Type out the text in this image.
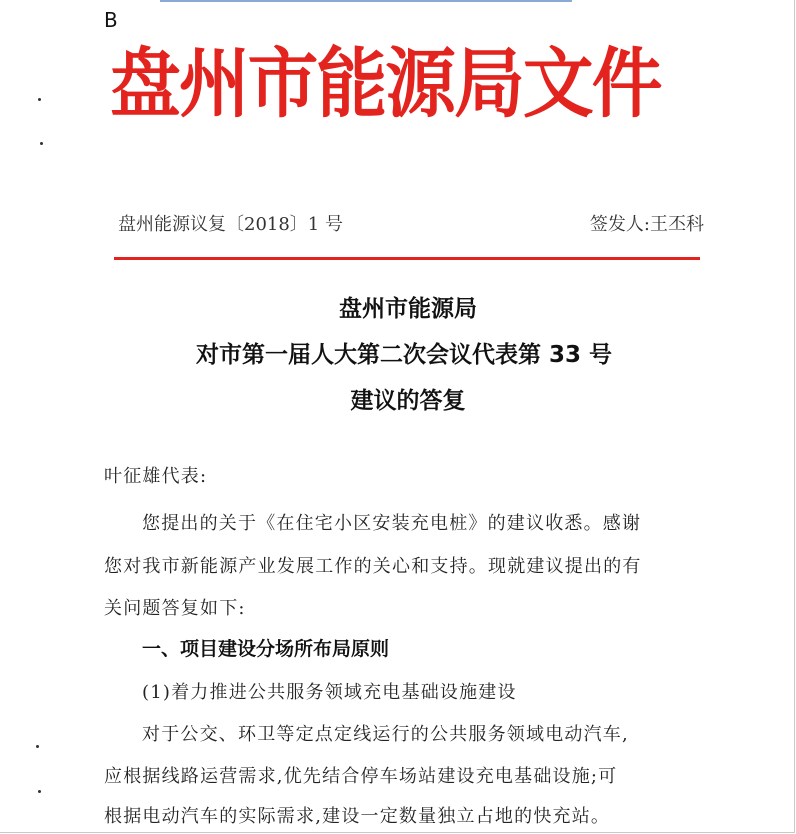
B
盘州市能源局文件
盘州能源议复〔2018〕1 号	签发人:王丕科
盘州市能源局
对市第一届人大第二次会议代表第 33 号
建议的答复
叶征雄代表:
您提出的关于《在住宅小区安装充电桩》的建议收悉。感谢
您对我市新能源产业发展工作的关心和支持。现就建议提出的有
关问题答复如下:
一、项目建设分场所布局原则
(1)着力推进公共服务领域充电基础设施建设
对于公交、环卫等定点定线运行的公共服务领域电动汽车,
应根据线路运营需求,优先结合停车场站建设充电基础设施;可
根据电动汽车的实际需求,建设一定数量独立占地的快充站。
